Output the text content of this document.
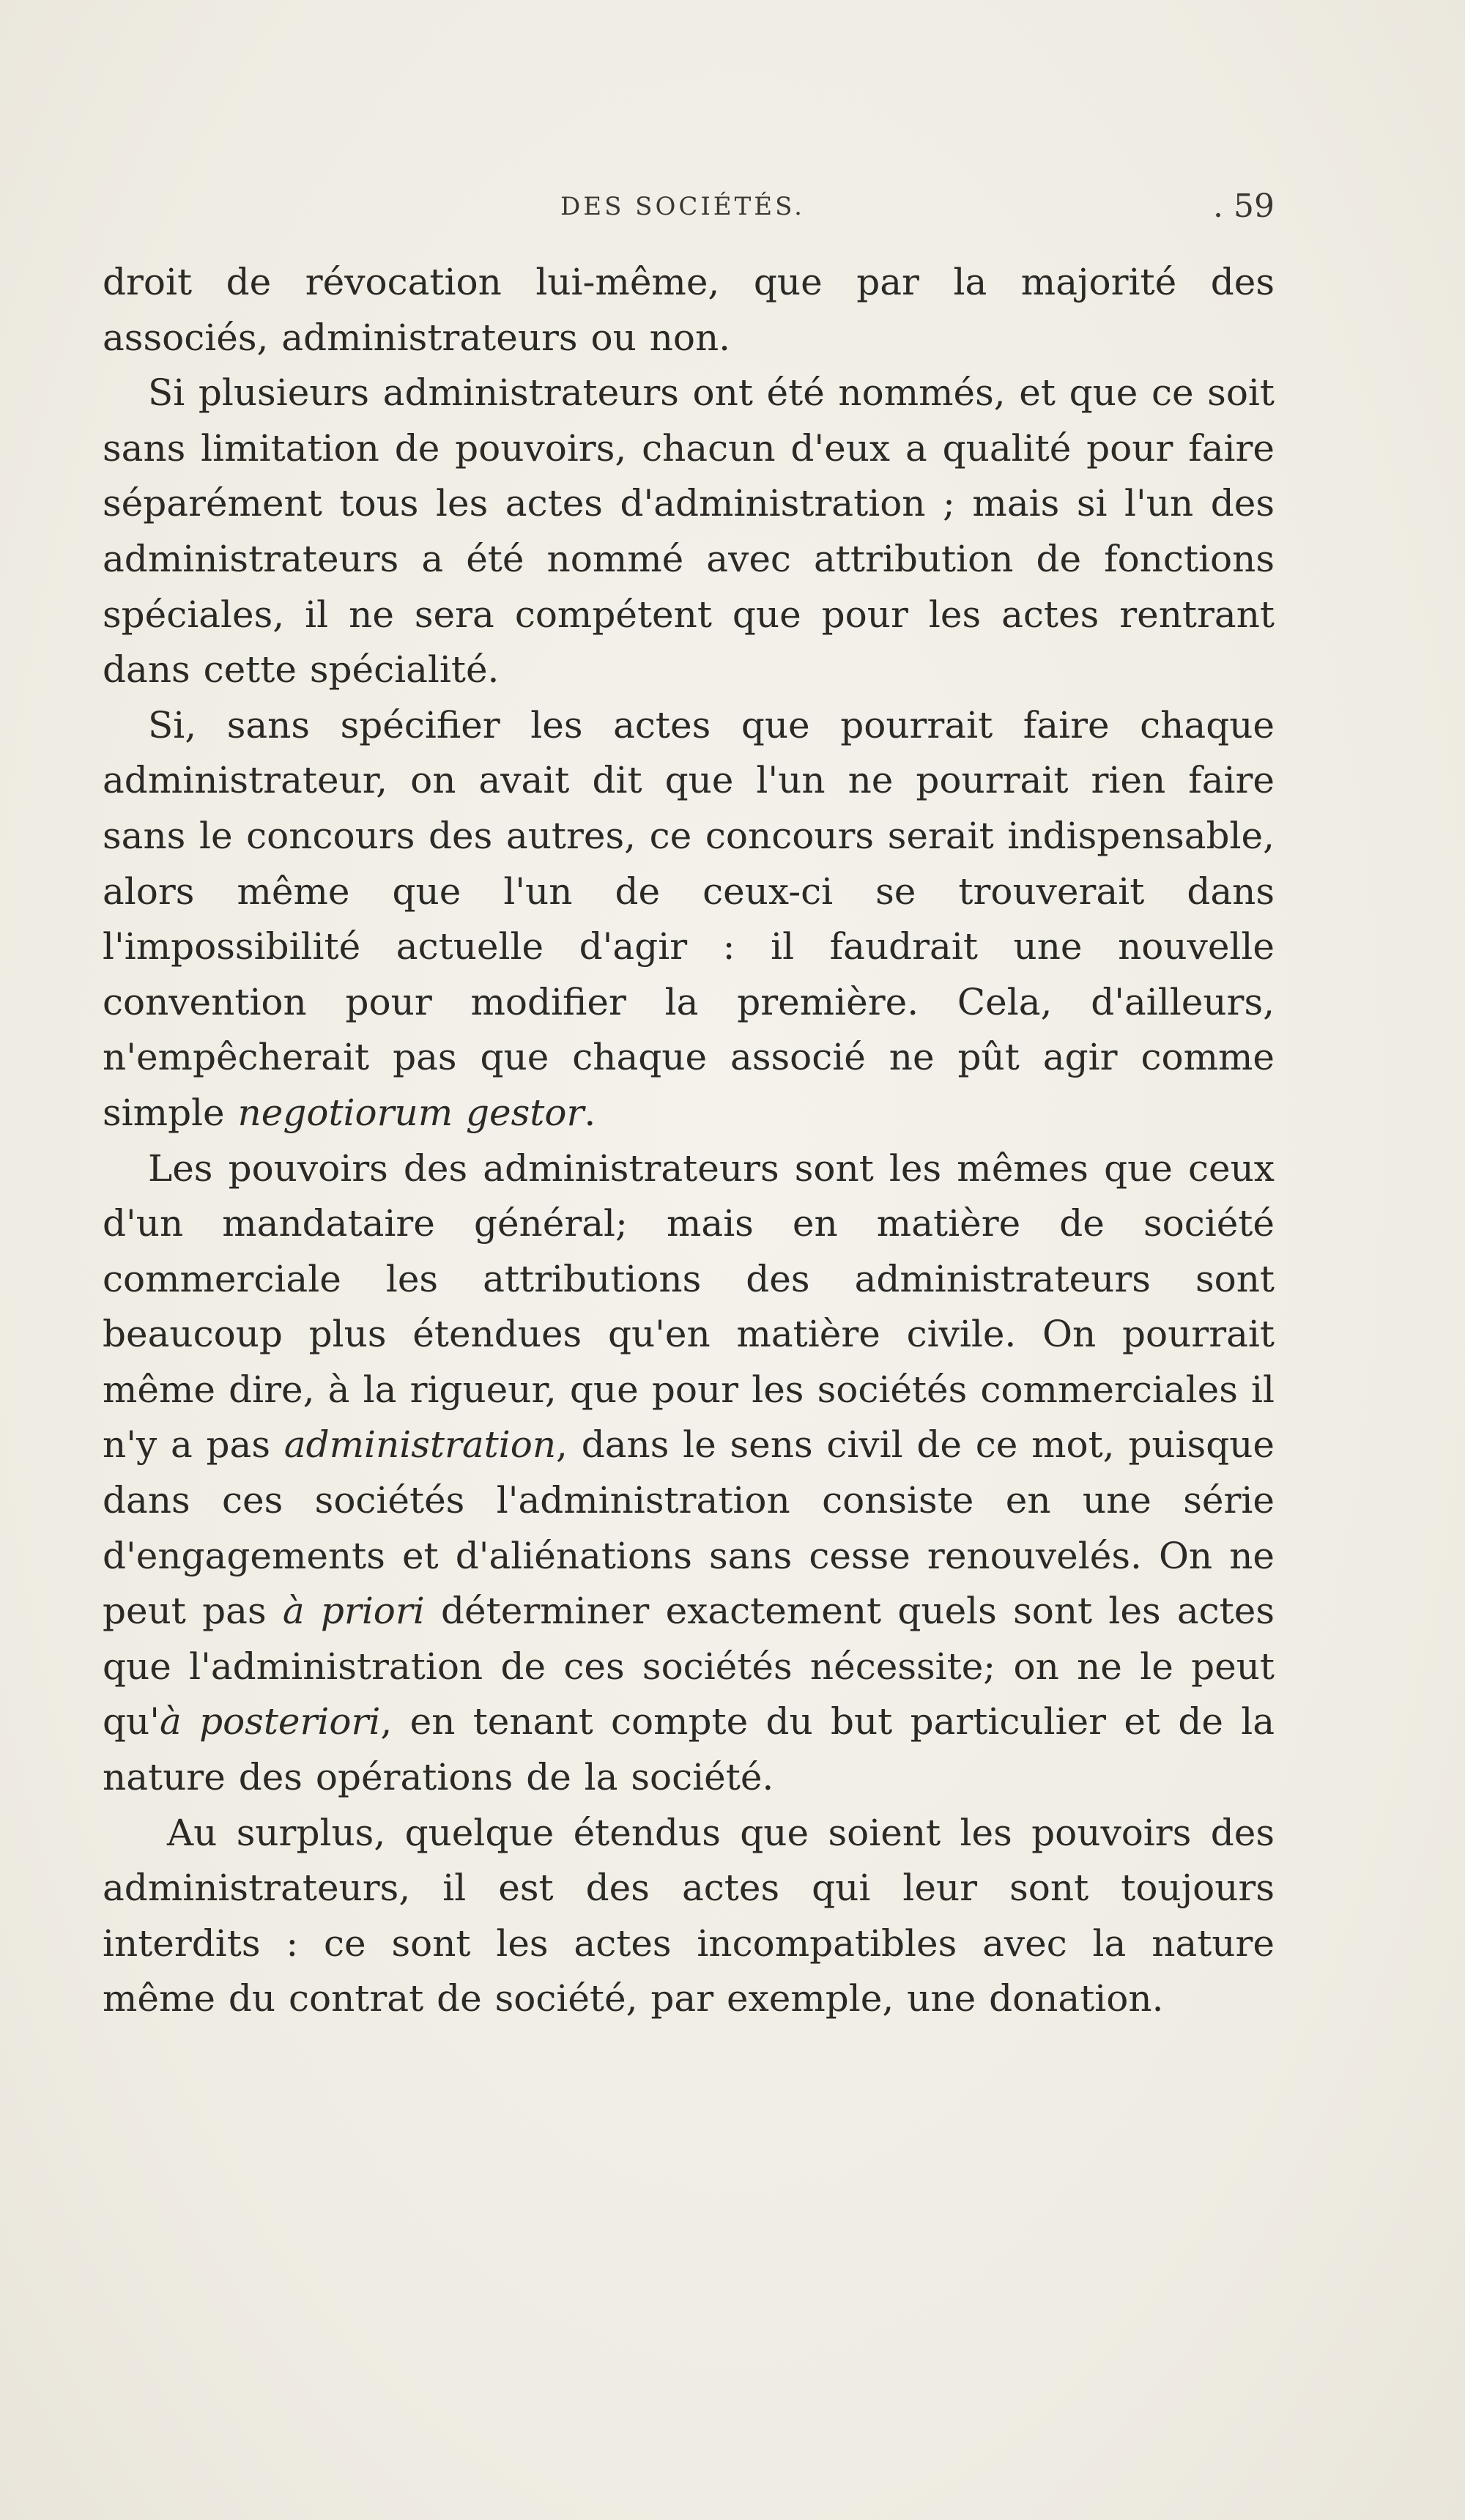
DES SOCIÉTÉS.	. 59

droit de révocation lui-même, que par la majorité des associés, administrateurs ou non.

Si plusieurs administrateurs ont été nommés, et que ce soit sans limitation de pouvoirs, chacun d'eux a qualité pour faire séparément tous les actes d'administration ; mais si l'un des administrateurs a été nommé avec attribution de fonctions spéciales, il ne sera compétent que pour les actes rentrant dans cette spécialité.

Si, sans spécifier les actes que pourrait faire chaque administrateur, on avait dit que l'un ne pourrait rien faire sans le concours des autres, ce concours serait indispensable, alors même que l'un de ceux-ci se trouverait dans l'impossibilité actuelle d'agir : il faudrait une nouvelle convention pour modifier la première. Cela, d'ailleurs, n'empêcherait pas que chaque associé ne pût agir comme simple negotiorum gestor.

Les pouvoirs des administrateurs sont les mêmes que ceux d'un mandataire général; mais en matière de société commerciale les attributions des administrateurs sont beaucoup plus étendues qu'en matière civile. On pourrait même dire, à la rigueur, que pour les sociétés commerciales il n'y a pas administration, dans le sens civil de ce mot, puisque dans ces sociétés l'administration consiste en une série d'engagements et d'aliénations sans cesse renouvelés. On ne peut pas à priori déterminer exactement quels sont les actes que l'administration de ces sociétés nécessite; on ne le peut qu'à posteriori, en tenant compte du but particulier et de la nature des opérations de la société.

Au surplus, quelque étendus que soient les pouvoirs des administrateurs, il est des actes qui leur sont toujours interdits : ce sont les actes incompatibles avec la nature même du contrat de société, par exemple, une donation.
